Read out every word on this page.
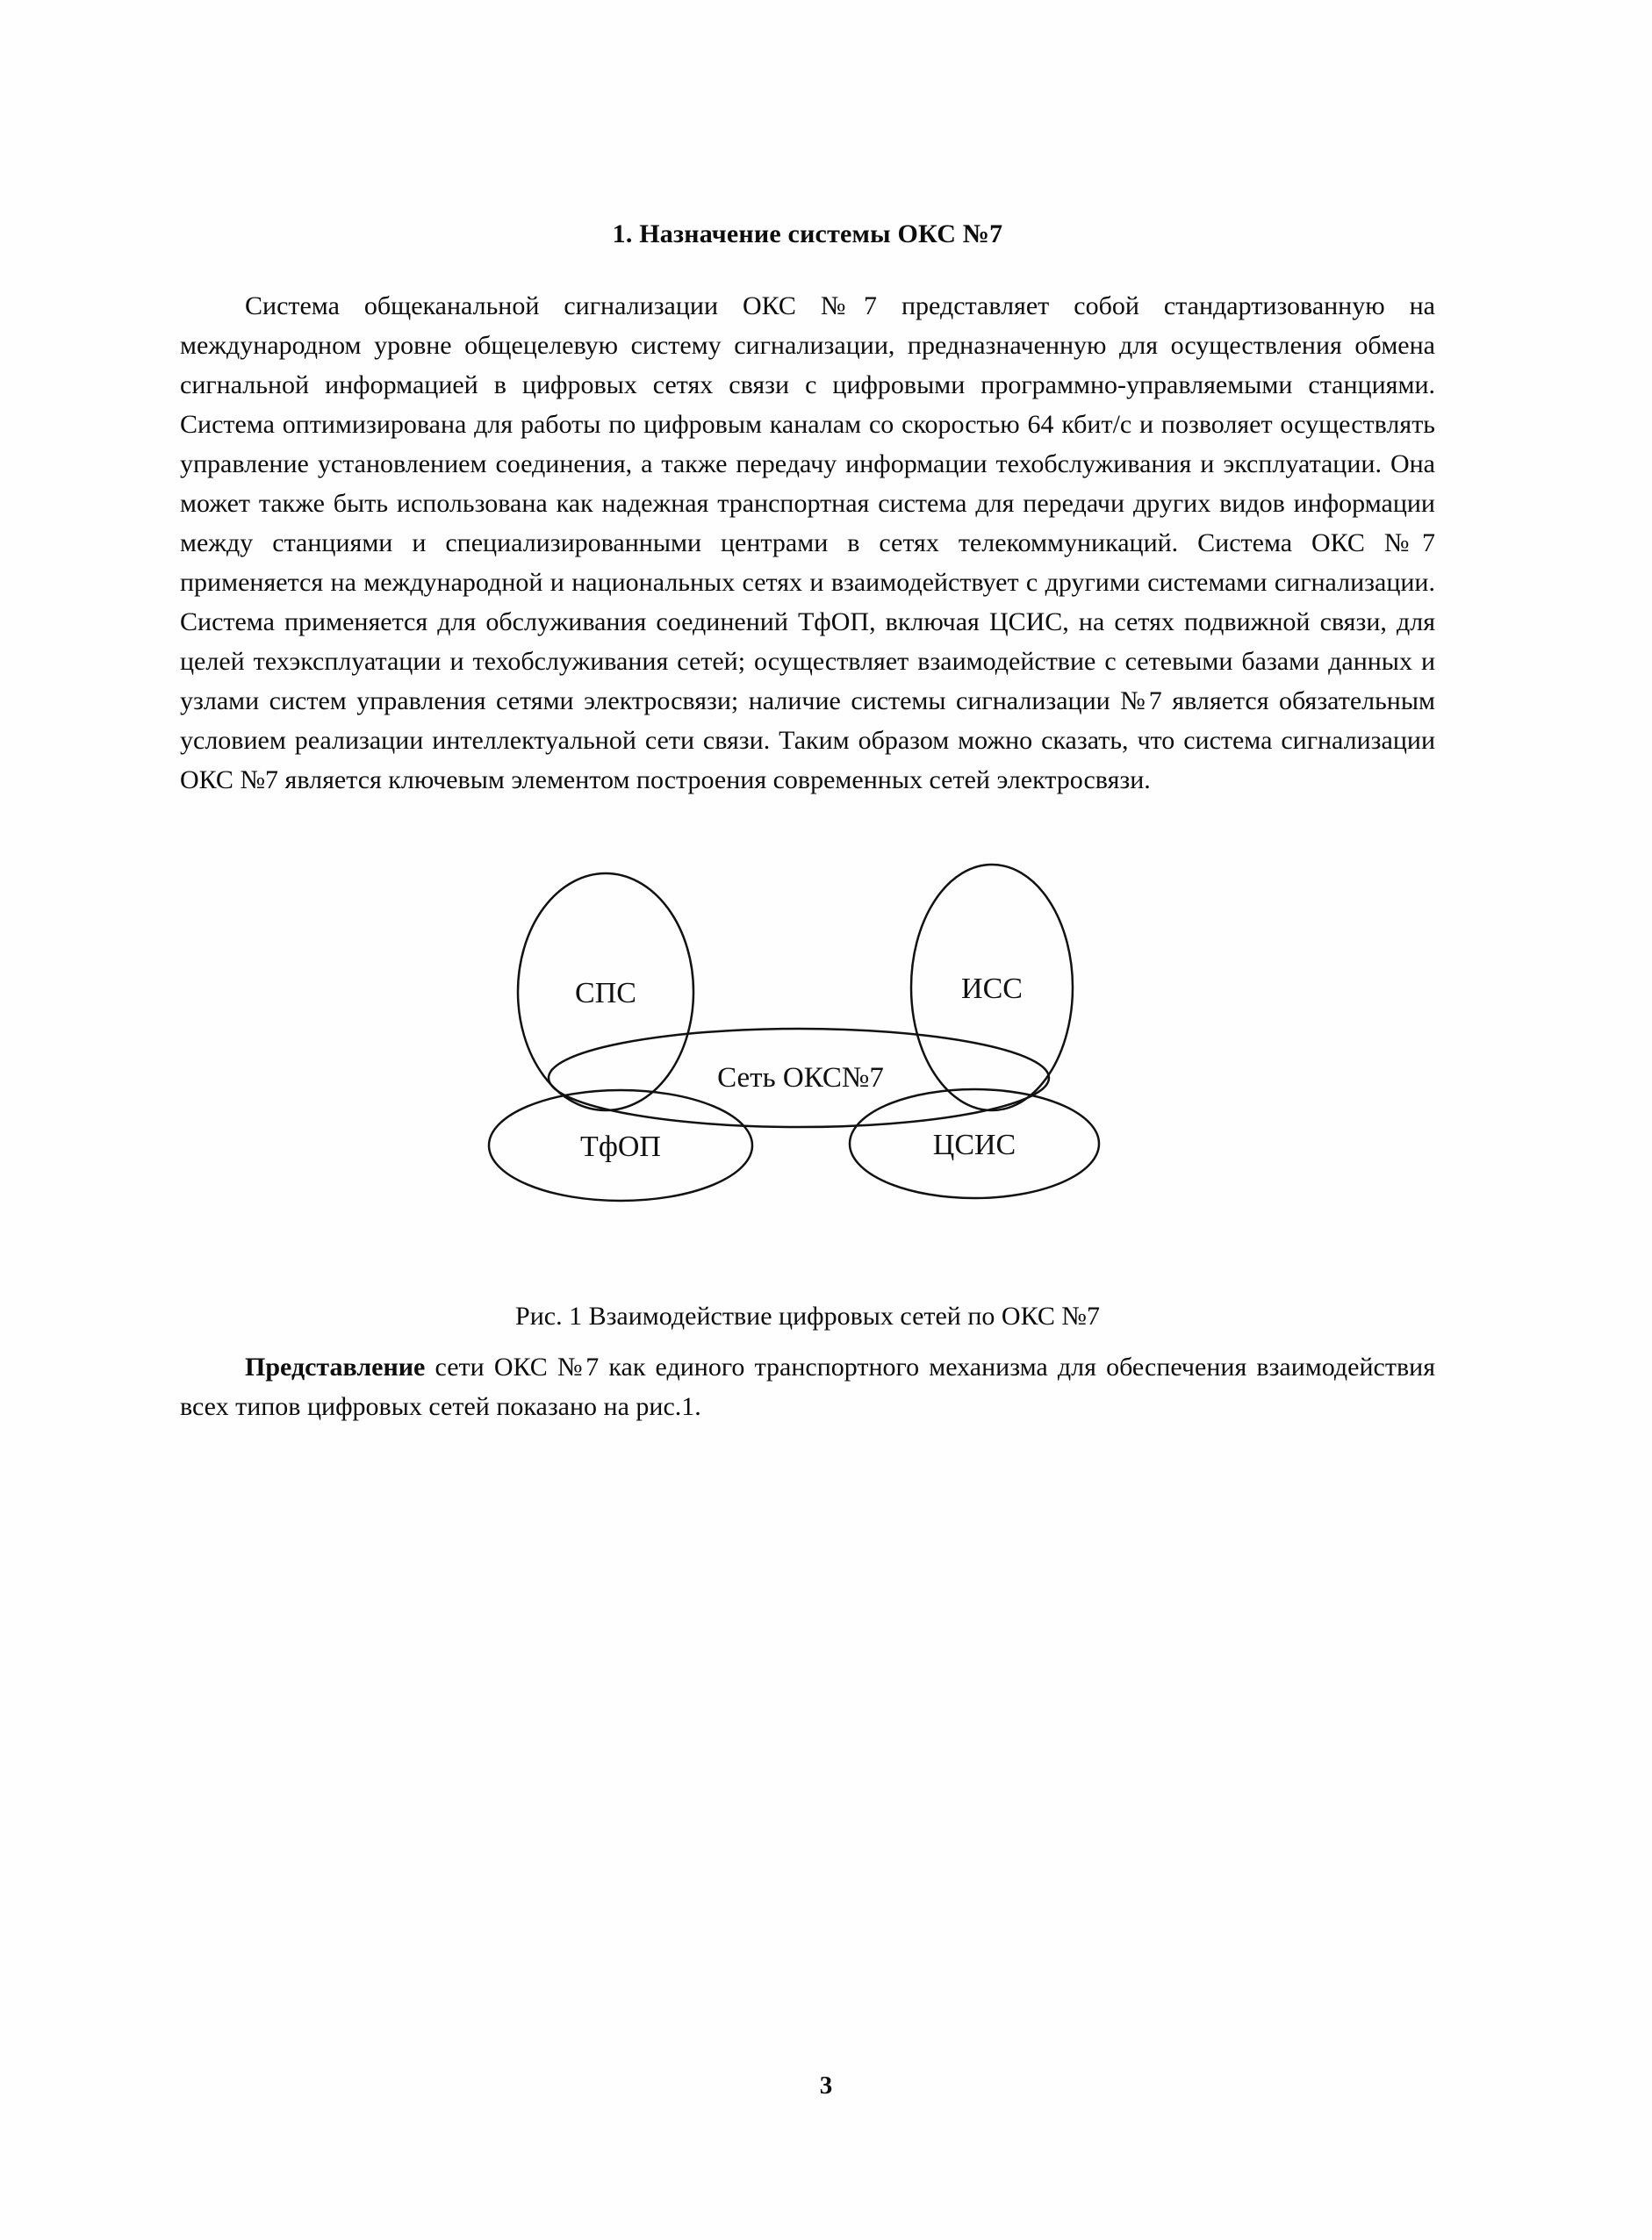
1. Назначение системы ОКС №7

Система общеканальной сигнализации ОКС №7 представляет собой стандартизованную на международном уровне общецелевую систему сигнализации, предназначенную для осуществления обмена сигнальной информацией в цифровых сетях связи с цифровыми программно-управляемыми станциями. Система оптимизирована для работы по цифровым каналам со скоростью 64 кбит/с и позволяет осуществлять управление установлением соединения, а также передачу информации техобслуживания и эксплуатации. Она может также быть использована как надежная транспортная система для передачи других видов информации между станциями и специализированными центрами в сетях телекоммуникаций. Система ОКС №7 применяется на международной и национальных сетях и взаимодействует с другими системами сигнализации. Система применяется для обслуживания соединений ТфОП, включая ЦСИС, на сетях подвижной связи, для целей техэксплуатации и техобслуживания сетей; осуществляет взаимодействие с сетевыми базами данных и узлами систем управления сетями электросвязи; наличие системы сигнализации №7 является обязательным условием реализации интеллектуальной сети связи. Таким образом можно сказать, что система сигнализации ОКС №7 является ключевым элементом построения современных сетей электросвязи.

СПС	ИСС
Сеть ОКС№7
ТфОП	ЦСИС
Рис. 1 Взаимодействие цифровых сетей по ОКС №7

Представление сети ОКС №7 как единого транспортного механизма для обеспечения взаимодействия всех типов цифровых сетей показано на рис.1.

3
